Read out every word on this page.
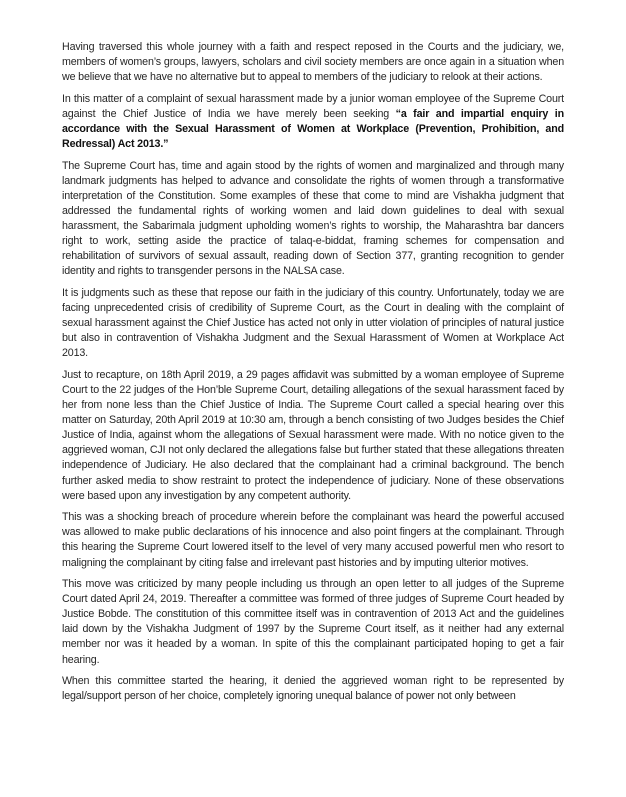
Having traversed this whole journey with a faith and respect reposed in the Courts and the judiciary, we, members of women’s groups, lawyers, scholars and civil society members are once again in a situation when we believe that we have no alternative but to appeal to members of the judiciary to relook at their actions.

In this matter of a complaint of sexual harassment made by a junior woman employee of the Supreme Court against the Chief Justice of India we have merely been seeking “a fair and impartial enquiry in accordance with the Sexual Harassment of Women at Workplace (Prevention, Prohibition, and Redressal) Act 2013.”

The Supreme Court has, time and again stood by the rights of women and marginalized and through many landmark judgments has helped to advance and consolidate the rights of women through a transformative interpretation of the Constitution. Some examples of these that come to mind are Vishakha judgment that addressed the fundamental rights of working women and laid down guidelines to deal with sexual harassment, the Sabarimala judgment upholding women’s rights to worship, the Maharashtra bar dancers right to work, setting aside the practice of talaq-e-biddat, framing schemes for compensation and rehabilitation of survivors of sexual assault, reading down of Section 377, granting recognition to gender identity and rights to transgender persons in the NALSA case.

It is judgments such as these that repose our faith in the judiciary of this country. Unfortunately, today we are facing unprecedented crisis of credibility of Supreme Court, as the Court in dealing with the complaint of sexual harassment against the Chief Justice has acted not only in utter violation of principles of natural justice but also in contravention of Vishakha Judgment and the Sexual Harassment of Women at Workplace Act 2013.

Just to recapture, on 18th April 2019, a 29 pages affidavit was submitted by a woman employee of Supreme Court to the 22 judges of the Hon’ble Supreme Court, detailing allegations of the sexual harassment faced by her from none less than the Chief Justice of India. The Supreme Court called a special hearing over this matter on Saturday, 20th April 2019 at 10:30 am, through a bench consisting of two Judges besides the Chief Justice of India, against whom the allegations of Sexual harassment were made. With no notice given to the aggrieved woman, CJI not only declared the allegations false but further stated that these allegations threaten independence of Judiciary. He also declared that the complainant had a criminal background. The bench further asked media to show restraint to protect the independence of judiciary. None of these observations were based upon any investigation by any competent authority.

This was a shocking breach of procedure wherein before the complainant was heard the powerful accused was allowed to make public declarations of his innocence and also point fingers at the complainant. Through this hearing the Supreme Court lowered itself to the level of very many accused powerful men who resort to maligning the complainant by citing false and irrelevant past histories and by imputing ulterior motives.

This move was criticized by many people including us through an open letter to all judges of the Supreme Court dated April 24, 2019. Thereafter a committee was formed of three judges of Supreme Court headed by Justice Bobde. The constitution of this committee itself was in contravention of 2013 Act and the guidelines laid down by the Vishakha Judgment of 1997 by the Supreme Court itself, as it neither had any external member nor was it headed by a woman. In spite of this the complainant participated hoping to get a fair hearing.

When this committee started the hearing, it denied the aggrieved woman right to be represented by legal/support person of her choice, completely ignoring unequal balance of power not only between
